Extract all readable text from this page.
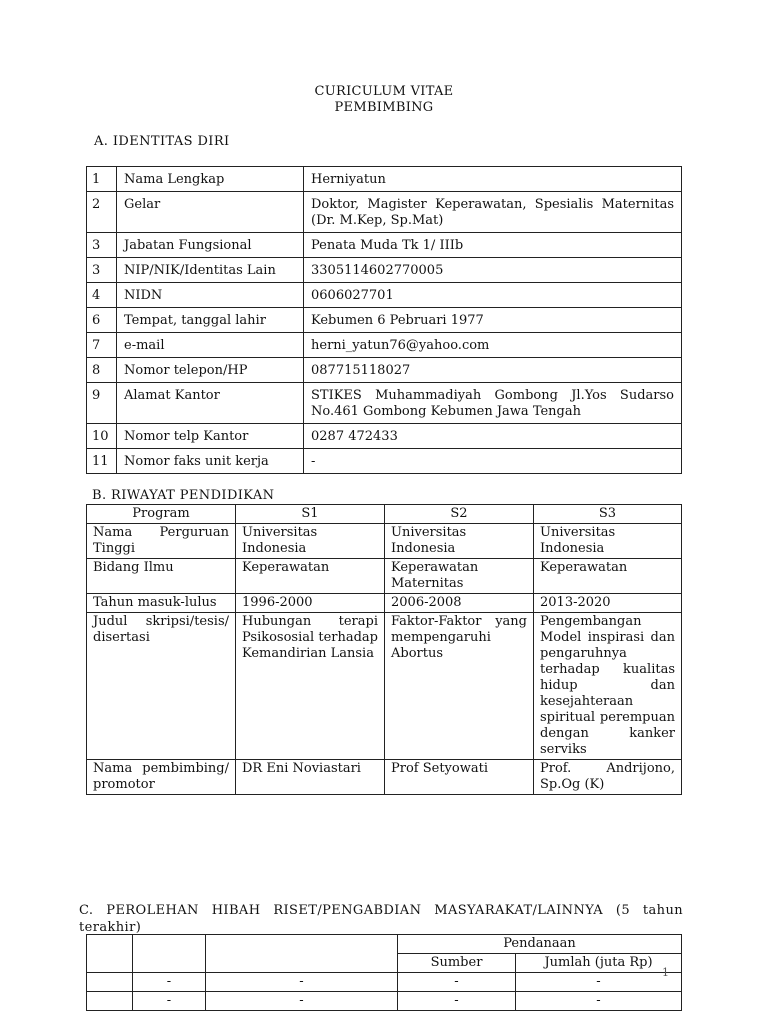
CURICULUM VITAE
PEMBIMBING
A. IDENTITAS DIRI
1	Nama Lengkap	Herniyatun
2	Gelar	Doktor, Magister Keperawatan, Spesialis Maternitas (Dr. M.Kep, Sp.Mat)
3	Jabatan Fungsional	Penata Muda Tk 1/ IIIb
3	NIP/NIK/Identitas Lain	3305114602770005
4	NIDN	0606027701
6	Tempat, tanggal lahir	Kebumen 6 Pebruari 1977
7	e-mail	herni_yatun76@yahoo.com
8	Nomor telepon/HP	087715118027
9	Alamat Kantor	STIKES Muhammadiyah Gombong Jl.Yos Sudarso No.461 Gombong Kebumen Jawa Tengah
10	Nomor telp Kantor	0287 472433
11	Nomor faks unit kerja	-
B. RIWAYAT PENDIDIKAN
Program	S1	S2	S3
Nama Perguruan Tinggi	Universitas Indonesia	Universitas Indonesia	Universitas Indonesia
Bidang Ilmu	Keperawatan	Keperawatan Maternitas	Keperawatan
Tahun masuk-lulus	1996-2000	2006-2008	2013-2020
Judul skripsi/tesis/ disertasi	Hubungan terapi Psikososial terhadap Kemandirian Lansia	Faktor-Faktor yang mempengaruhi Abortus	Pengembangan Model inspirasi dan pengaruhnya terhadap kualitas hidup dan kesejahteraan spiritual perempuan dengan kanker serviks
Nama pembimbing/ promotor	DR Eni Noviastari	Prof Setyowati	Prof. Andrijono, Sp.Og (K)
C. PEROLEHAN HIBAH RISET/PENGABDIAN MASYARAKAT/LAINNYA (5 tahun terakhir)
			Pendanaan	
			Sumber	Jumlah (juta Rp)
	-	-	-	-
	-	-	-	-
1
